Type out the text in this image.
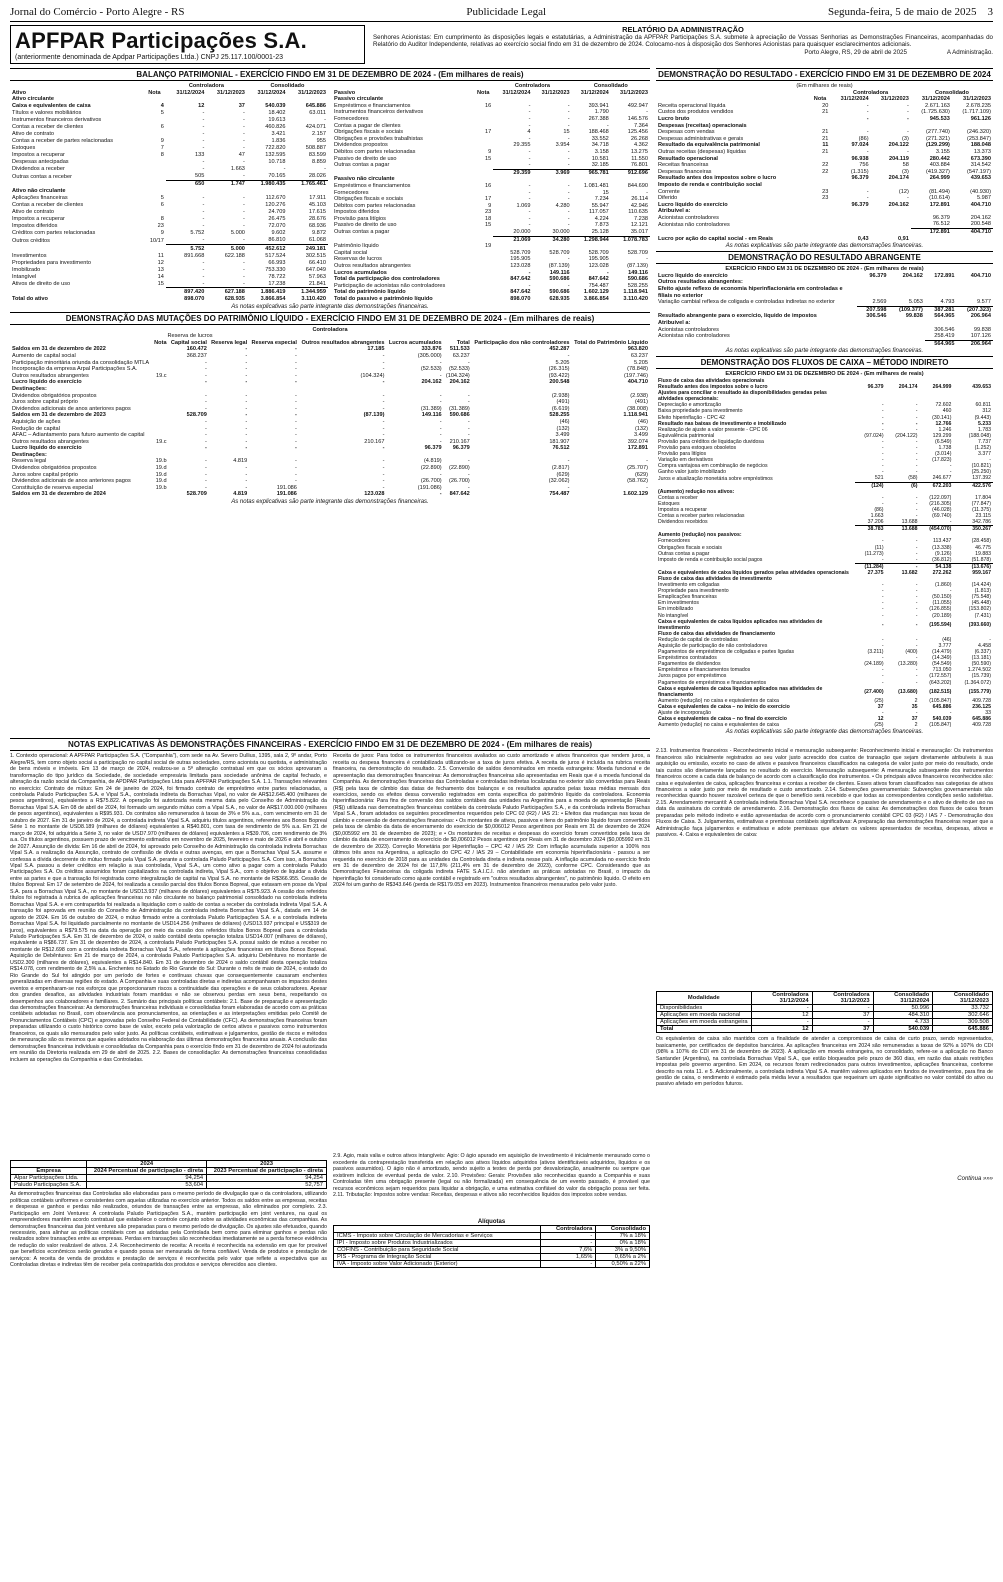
Jornal do Comércio - Porto Alegre - RS	Publicidade Legal	Segunda-feira, 5 de maio de 2025 3
APFPAR Participações S.A.
(anteriormente denominada de Apdpar Participações Ltda.) CNPJ 25.117.100/0001-23
RELATÓRIO DA ADMINISTRAÇÃO
Senhores Acionistas: Em cumprimento às disposições legais e estatutárias, a Administração da APFPAR Participações S.A. submete à apreciação de Vossas Senhorias as Demonstrações Financeiras, acompanhadas do Relatório do Auditor Independente, relativas ao exercício social findo em 31 de dezembro de 2024. Colocamo-nos à disposição dos Senhores Acionistas para quaisquer esclarecimentos adicionais.
Porto Alegre, RS, 29 de abril de 2025	A Administração.
BALANÇO PATRIMONIAL - EXERCÍCIO FINDO EM 31 DE DEZEMBRO DE 2024 - (Em milhares de reais)
		Controladora		Consolidado	
Ativo	Nota	31/12/2024	31/12/2023	31/12/2024	31/12/2023
Ativo circulante					
Caixa e equivalentes de caixa	4	12	37	540.039	645.886
Títulos e valores mobiliários	5	-	-	18.402	63.011
Instrumentos financeiros derivativos		-	-	19.613	-
Contas a receber de clientes	6	-	-	460.826	424.071
Ativo de contrato		-	-	3.421	2.157
Contas a receber de partes relacionadas	9	-	-	1.836	955
Estoques	7	-	-	722.820	508.887
Impostos a recuperar	8	133	47	132.595	83.599
Despesas antecipadas		-	-	10.718	8.859
Dividendos a receber		-	1.663	-	-
Outras contas a receber		505	-	70.165	28.026
		650	1.747	1.980.435	1.765.461
Ativo não circulante					
Aplicações financeiras	5	-	-	112.670	17.911
Contas a receber de clientes	6	-	-	120.276	45.103
Ativo de contrato		-	-	24.709	17.615
Impostos a recuperar	8	-	-	26.475	28.676
Impostos diferidos	23	-	-	72.070	68.936
Créditos com partes relacionadas	9	5.752	5.000	9.602	9.872
Outros créditos	10/17	-	-	86.810	61.068
		5.752	5.000	452.612	249.181
Investimentos	11	891.668	622.188	517.524	302.515
Propriedades para investimento	12	-	-	66.993	66.410
Imobilizado	13	-	-	753.330	647.049
Intangível	14	-	-	78.722	57.963
Ativos de direito de uso	15	-	-	17.238	21.841
		897.420	627.188	1.886.419	1.344.959
Total do ativo		898.070	628.935	3.866.854	3.110.420
		Controladora		Consolidado	
Passivo	Nota	31/12/2024	31/12/2023	31/12/2024	31/12/2023
Passivo circulante					
Empréstimos e financiamentos	16	-	-	393.941	492.947
Instrumentos financeiros derivativos		-	-	1.790	-
Fornecedores		-	-	267.388	146.576
Contas a pagar de clientes		-	-	-	7.364
Obrigações fiscais e sociais	17	4	15	188.468	125.456
Obrigações e provisões trabalhistas		-	-	33.552	26.268
Dividendos propostos		29.355	3.954	34.718	4.362
Débitos com partes relacionadas	9	-	-	3.158	13.275
Passivo de direito de uso	15	-	-	10.581	11.550
Outras contas a pagar		-	-	32.185	76.801
		29.359	3.969	965.781	912.696
Passivo não circulante					
Empréstimos e financiamentos	16	-	-	1.081.481	844.690
Fornecedores		-	-	15	-
Obrigações fiscais e sociais	17	-	-	7.234	26.114
Débitos com partes relacionadas	9	1.069	4.280	55.947	42.946
Impostos diferidos	23	-	-	117.057	110.635
Provisão para litígios	18	-	-	4.224	7.238
Passivo de direito de uso	15	-	-	7.873	12.121
Outras contas a pagar		20.000	30.000	25.128	35.017
		21.069	34.280	1.298.944	1.078.783
Patrimônio líquido	19				
Capital social		528.709	528.709	528.709	528.709
Reservas de lucros		195.905	-	195.905	-
Outros resultados abrangentes		123.028	(87.139)	123.028	(87.139)
Lucros acumulados		-	149.116	-	149.116
Total da participação dos controladores		847.642	590.686	847.642	590.686
Participação de acionistas não controladores		-	-	754.487	528.255
Total do patrimônio líquido		847.642	590.686	1.602.129	1.118.941
Total do passivo e patrimônio líquido		898.070	628.935	3.866.854	3.110.420
As notas explicativas são parte integrante das demonstrações financeiras.
DEMONSTRAÇÃO DAS MUTAÇÕES DO PATRIMÔNIO LÍQUIDO - EXERCÍCIO FINDO EM 31 DE DEZEMBRO DE 2024 - (Em milhares de reais)
Controladora
Reserva de lucros
	Nota	Capital social	Reserva legal	Reserva especial	Outros resultados abrangentes	Lucros acumulados	Total	Participação dos não controladores	Total do Patrimônio Líquido
Saldos em 31 de dezembro de 2022		160.472	-	-	17.185	333.876	511.533	452.287	963.820
Aumento de capital social		368.237	-	-	-	(305.000)	63.237	-	63.237
Participação minoritária oriunda da consolidação MTLA		-	-	-	-	-	-	5.205	5.205
Incorporação da empresa Arpal Participações S.A.		-	-	-	-	(52.533)	(52.533)	(26.315)	(78.848)
Outros resultados abrangentes	19.c	-	-	-	(104.324)	-	(104.324)	(93.422)	(197.746)
Lucro líquido do exercício		-	-	-	-	204.162	204.162	200.548	404.710
Destinações:									
Dividendos obrigatórios propostos		-	-	-	-	-	-	(2.938)	(2.938)
Juros sobre capital próprio		-	-	-	-	-	-	(491)	(491)
Dividendos adicionais de anos anteriores pagos		-	-	-	-	(31.389)	(31.389)	(6.619)	(38.008)
Saldos em 31 de dezembro de 2023		528.709	-	-	(87.139)	149.116	590.686	528.255	1.118.941
Aquisição de ações		-	-	-	-	-	-	(46)	(46)
Redução de capital		-	-	-	-	-	-	(132)	(132)
AFAC – Adiantamento para futuro aumento de capital		-	-	-	-	-	-	3.499	3.499
Outros resultados abrangentes	19.c	-	-	-	210.167	-	210.167	181.907	392.074
Lucro líquido do exercício		-	-	-	-	96.379	96.379	76.512	172.891
Destinações:									
Reserva legal	19.b	-	4.819	-	-	(4.819)	-	-	-
Dividendos obrigatórios propostos	19.d	-	-	-	-	(22.890)	(22.890)	(2.817)	(25.707)
Juros sobre capital próprio	19.d	-	-	-	-	-	-	(629)	(629)
Dividendos adicionais de anos anteriores pagos	19.d	-	-	-	-	(26.700)	(26.700)	(32.062)	(58.762)
Constituição de reserva especial	19.b	-	-	191.086	-	(191.086)	-	-	-
Saldos em 31 de dezembro de 2024		528.709	4.819	191.086	123.028	-	847.642	754.487	1.602.129
As notas explicativas são parte integrante das demonstrações financeiras.
DEMONSTRAÇÃO DO RESULTADO - EXERCÍCIO FINDO EM 31 DE DEZEMBRO DE 2024
(Em milhares de reais)
		Controladora		Consolidado	
	Nota	31/12/2024	31/12/2023	31/12/2024	31/12/2023
Receita operacional líquida	20	-	-	2.671.163	2.678.235
Custos dos produtos vendidos	21	-	-	(1.725.630)	(1.717.109)
Lucro bruto		-	-	945.533	961.126
Despesas (receitas) operacionais					
Despesas com vendas	21	-	-	(277.740)	(246.320)
Despesas administrativas e gerais	21	(86)	(3)	(271.321)	(253.847)
Resultado da equivalência patrimonial	11	97.024	204.122	(129.299)	188.048
Outras receitas (despesas) líquidas	21	-	-	3.155	13.373
Resultado operacional		96.938	204.119	280.442	673.390
Receitas financeiras	22	756	58	403.884	314.542
Despesas financeiras	22	(1.315)	(3)	(419.327)	(547.197)
Resultado antes dos impostos sobre o lucro		96.379	204.174	264.999	439.653
Imposto de renda e contribuição social					
Corrente	23	-	(12)	(81.494)	(40.930)
Diferido	23	-	-	(10.614)	5.987
Lucro líquido do exercício		96.379	204.162	172.891	404.710
Atribuível a:					
Acionistas controladores				96.379	204.162
Acionistas não controladores				76.512	200.548
				172.891	404.710
Lucro por ação do capital social - em Reais		0,43	0,91		
As notas explicativas são parte integrante das demonstrações financeiras.
DEMONSTRAÇÃO DO RESULTADO ABRANGENTE
EXERCÍCIO FINDO EM 31 DE DEZEMBRO DE 2024 - (Em milhares de reais)
Lucro líquido do exercício	96.379	204.162	172.891	404.710
Outros resultados abrangentes:				
Efeito ajuste reflexo de economia hiperinflacionária em controladas e filiais no exterior				
Variação cambial reflexa de coligada e controladas indiretas no exterior	2.569	5.053	4.793	9.577
	207.598	(109.377)	387.281	(207.323)
Resultado abrangente para o exercício, líquido de impostos	306.546	99.838	564.965	206.964
Atribuível a:				
Acionistas controladores			306.546	99.838
Acionistas não controladores			258.419	107.126
			564.965	206.964
As notas explicativas são parte integrante das demonstrações financeiras.
DEMONSTRAÇÃO DOS FLUXOS DE CAIXA – MÉTODO INDIRETO
EXERCÍCIO FINDO EM 31 DE DEZEMBRO DE 2024 - (Em milhares de reais)
Fluxo de caixa das atividades operacionais				
Resultado antes dos impostos sobre o lucro	96.379	204.174	264.999	439.653
Ajustes para conciliar o resultado às disponibilidades geradas pelas atividades operacionais:				
Depreciação e amortização	-	-	72.602	60.811
Baixa propriedade para investimento	-	-	460	312
Efeito hiperinflação - CPC 42	-	-	(30.141)	(9.443)
Resultado nas baixas de investimento e imobilizado	-	-	12.766	5.233
Realização de ajuste a valor presente - CPC 06	-	-	1.246	1.783
Equivalência patrimonial	(97.024)	(204.122)	129.299	(188.048)
Provisão para créditos de liquidação duvidosa	-	-	(6.549)	7.737
Provisão para estoques obsoletos	-	-	1.738	(1.252)
Provisão para litígios	-	-	(3.014)	3.377
Variação em derivativos	-	-	(17.823)	-
Compra vantajosa em combinação de negócios	-	-	-	(10.821)
Ganho valor justo imobilizado	-	-	-	(25.250)
Juros e atualização monetária sobre empréstimos	521	(58)	246.677	137.392
	(124)	(6)	672.203	422.576
(Aumento) redução nos ativos:				
Contas a receber	-	-	(122.097)	17.804
Estoques	-	-	(216.305)	(77.847)
Impostos a recuperar	(86)	-	(46.028)	(11.375)
Contas a receber partes relacionadas	1.663	-	(69.740)	23.115
Dividendos recebidos	37.206	13.688	-	342.786
	38.783	13.688	(454.070)	350.267
Aumento (redução) nos passivos:				
Fornecedores	-	-	113.437	(28.458)
Obrigações fiscais e sociais	(11)	-	(13.338)	46.775
Outras contas a pagar	(11.273)	-	(9.126)	19.883
Imposto de renda e contribuição social pagos	-	-	(36.812)	(51.878)
	(11.284)	-	54.138	(13.676)
Caixa e equivalentes de caixa líquidos gerados pelas atividades operacionais	27.375	13.682	272.262	959.167
Fluxo de caixa das atividades de investimento				
Investimento em coligadas	-	-	(1.860)	(14.424)
Propriedade para investimento	-	-	-	(1.813)
Emaplicações financeiras	-	-	(50.150)	(75.548)
Em investimentos	-	-	(11.055)	(45.448)
Em imobilizado	-	-	(126.855)	(153.802)
No intangível	-	-	(20.189)	(7.431)
Caixa e equivalentes de caixa líquidos aplicados nas atividades de investimento	-	-	(195.594)	(393.660)
Fluxo de caixa das atividades de financiamento				
Redução de capital de controladas	-	-	(46)	-
Aquisição de participação de não controladores	-	-	3.777	4.458
Pagamentos de empréstimos de coligadas e partes ligadas	(3.211)	(400)	(14.479)	(6.337)
Empréstimos contratados	-	-	(14.349)	(13.181)
Pagamentos de dividendos	(24.189)	(13.280)	(54.549)	(50.590)
Empréstimos e financiamentos tomados	-	-	713.050	1.274.502
Juros pagos por empréstimos	-	-	(172.557)	(15.739)
Pagamentos de empréstimos e financiamentos	-	-	(643.202)	(1.364.072)
Caixa e equivalentes de caixa líquidos aplicados nas atividades de financiamento	(27.400)	(13.680)	(182.515)	(155.779)
Aumento (redução) no caixa e equivalentes de caixa	(25)	2	(105.847)	409.728
Caixa e equivalentes de caixa – no início do exercício	37	35	645.886	236.125
Ajuste de incorporação	-	-	-	33
Caixa e equivalentes de caixa – no final do exercício	12	37	540.039	645.886
Aumento (redução) no caixa e equivalentes de caixa	(25)	2	(105.847)	409.728
As notas explicativas são parte integrante das demonstrações financeiras.
NOTAS EXPLICATIVAS ÀS DEMONSTRAÇÕES FINANCEIRAS - EXERCÍCIO FINDO EM 31 DE DEZEMBRO DE 2024 - (Em milhares de reais)
1. Contexto operacional: A APFPAR Participações S.A. ("Companhia"), com sede na Av. Severo Dullius, 1395, sala 2, 9º andar, Porto Alegre/RS, tem como objeto social a participação no capital social de outras sociedades, como acionista ou quotista, e administração de bens móveis e imóveis. Em 13 de março de 2024, realizou-se a 5ª alteração contratual em que os sócios aprovaram a transformação do tipo jurídico da Sociedade, de sociedade empresária limitada para sociedade anônima de capital fechado, e alteração da razão social da Companhia, de APDPAR Participações Ltda para APFPAR Participações S.A. 1.1. Transações relevantes no exercício: Contrato de mútuo: Em 24 de janeiro de 2024, foi firmado contrato de empréstimo entre partes relacionadas, a controlada Paludo Participações S.A. e Vipal S.A., controlada indireta da Borrachas Vipal, no valor de AR$12.645.400 (milhares de pesos argentinos), equivalentes a R$75.822. A operação foi autorizada nesta mesma data pelo Conselho de Administração da Borrachas Vipal S.A. Em 08 de abril de 2024, foi formado um segundo mútuo com a Vipal S.A., no valor de AR$17.000.000 (milhares de pesos argentinos), equivalentes a R$95.931. Os contratos são remunerados à taxas de 3% e 5% a.a., com vencimento em 31 de outubro de 2027. Em 31 de janeiro de 2024, a controlada indireta Vipal S.A. adquiriu títulos argentinos, referentes aos Bonos Bopreal Série 1 no montante de USD8.189 (milhares de dólares) equivalentes a R$40.801, com taxa de rendimento de 5% a.a. Em 21 de março de 2024, foi adquirida a Série 3, no valor de USD7.970 (milhares de dólares) equivalentes a R$39.706, com rendimento de 3% a.a. Os títulos argentinos, possuem prazo de vencimento estimados em novembro de 2025, fevereiro e maio de 2026 e abril e outubro de 2027. Assunção de dívida: Em 16 de abril de 2024, foi aprovado pelo Conselho de Administração da controlada indireta Borrachas Vipal S.A. a realização da Assunção, contrato de confissão de dívida e outras avenças, em que a Borrachas Vipal S.A. assume e confessa a dívida decorrente do mútuo firmado pela Vipal S.A. perante a controlada Paludo Participações S.A. Com isso, a Borrachas Vipal S.A. passou a deter créditos em relação a sua controlada, Vipal S.A., um como ativo a pagar com a controlada Paludo Participações S.A. Os créditos assumidos foram capitalizados na controlada indireta, Vipal S.A., com o objetivo de liquidar a dívida entre as partes e que a transação foi registrada como integralização de capital na Vipal S.A. no montante de R$366.955. Cessão de títulos Bopreal: Em 17 de setembro de 2024, foi realizada a cessão parcial dos títulos Bonos Bopreal, que estavam em posse da Vipal S.A. para a Borrachas Vipal S.A., no montante de USD13.937 (milhares de dólares) equivalentes a R$75.923. A cessão dos referidos títulos foi registrada à rubrica de aplicações financeiras no não circulante no balanço patrimonial consolidado na controlada indireta Borrachas Vipal S.A. e em contrapartida foi realizada a liquidação com o saldo de contas a receber da controlada indireta Vipal S.A. A transação foi aprovada em reunião do Conselho de Administração da controlada indireta Borrachas Vipal S.A., datada em 14 de agosto de 2024. Em 16 de outubro de 2024, o mútuo firmado entre a controlada Paludo Participações S.A. e a controlada indireta Borrachas Vipal S.A. foi liquidado parcialmente no montante de USD14.256 (milhares de dólares) (USD13.937 principal e US$319 de juros), equivalentes a R$79.575 na data da operação por meio da cessão dos referidos títulos Bonos Bopreal para a controlada Paludo Participações S.A. Em 31 de dezembro de 2024, o saldo contábil desta operação totaliza USD14.007 (milhares de dólares), equivalente a R$86.737. Em 31 de dezembro de 2024, a controlada Paludo Participações S.A. possui saldo de mútuo a receber no montante de R$12.698 com a controlada indireta Borrachas Vipal S.A., referente à aplicações financeiras em títulos Bonos Bopreal. Aquisição de Debêntures: Em 21 de março de 2024, a controlada Paludo Participações S.A. adquiriu Debêntures no montante de USD2.300 (milhares de dólares), equivalentes a R$14.840. Em 31 de dezembro de 2024 o saldo contábil desta operação totaliza R$14.078, com rendimento de 2,5% a.a. Enchentes no Estado do Rio Grande do Sul: Durante o mês de maio de 2024, o estado do Rio Grande do Sul foi atingido por um período de fortes e contínuas chuvas que consequentemente causaram enchentes generalizadas em diversas regiões do estado. A Companhia e suas controladas diretas e indiretas acompanharam os impactos destes eventos e empenharam-se nos esforços que proporcionaram riscos a continuidade das operações e de seus colaboradores. Apesar dos grandes desafios, as atividades industriais foram mantidas e não se observou perdas em seus bens, respeitando os desempenhos aos colaboradores e familiares. 2. Sumário das principais políticas contábeis: 2.1. Base de preparação e apresentação das demonstrações financeiras: As demonstrações financeiras individuais e consolidadas foram elaboradas de acordo com as práticas contábeis adotadas no Brasil, com observância aos pronunciamentos, as orientações e as interpretações emitidas pelo Comitê de Pronunciamentos Contábeis (CPC) e aprovadas pelo Conselho Federal de Contabilidade (CFC). As demonstrações financeiras foram preparadas utilizando o custo histórico como base de valor, exceto pela valorização de certos ativos e passivos como instrumentos financeiros, os quais são mensurados pelo valor justo. As políticas contábeis, estimativas e julgamentos, gestão de riscos e métodos de mensuração são os mesmos que aqueles adotados na elaboração das últimas demonstrações financeiras anuais. A conclusão das demonstrações financeiras individuais e consolidadas da Companhia para o exercício findo em 31 de dezembro de 2024 foi autorizada em reunião da Diretoria realizada em 29 de abril de 2025. 2.2. Bases de consolidação: As demonstrações financeiras consolidadas incluem as operações da Companhia e das Controladas.
	2024	2023
Empresa	2024 Percentual de participação - direta	2023 Percentual de participação - direta
Alpar Participações Ltda.	94,254	94,254
Paludo Participações S.A.	53,604	52,757
As demonstrações financeiras das Controladas são elaboradas para o mesmo período de divulgação que o da controladora, utilizando políticas contábeis uniformes e consistentes com aquelas utilizadas no exercício anterior. Todos os saldos entre as empresas, receitas e despesas e ganhos e perdas não realizados, oriundos de transações entre as empresas, são eliminados por completo. 2.3. Participação em Joint Ventures: A controlada Paludo Participações S.A., mantém participação em joint ventures, na qual os empreendedores mantêm acordo contratual que estabelece o controle conjunto sobre as atividades econômicas das companhias. As demonstrações financeiras das joint ventures são preparadas para o mesmo período de divulgação. Os ajustes são efetuados, quando necessário, para alinhar as políticas contábeis com as adotadas pela Controlada bem como para eliminar ganhos e perdas não realizados sobre transações entre as empresas. Perdas em transações são reconhecidas imediatamente se a perda fornece evidência de redução do valor realizável de ativos. 2.4. Reconhecimento de receita: A receita é reconhecida na extensão em que for provável que benefícios econômicos serão gerados e quando possa ser mensurada de forma confiável. Venda de produtos e prestação de serviços: A receita de venda de produtos e prestação de serviços é reconhecida pelo valor que reflete a expectativa que as Controladas diretas e indiretas têm de receber pela contrapartida dos produtos e serviços oferecidos aos clientes.
Receita de juros: Para todos os instrumentos financeiros avaliados ao custo amortizado e ativos financeiros que rendem juros, a receita ou despesa financeira é contabilizada utilizando-se a taxa de juros efetiva. A receita de juros é incluída na rubrica receita financeira, na demonstração do resultado. 2.5. Conversão de saldos denominados em moeda estrangeira: Moeda funcional e de apresentação das demonstrações financeiras: As demonstrações financeiras são apresentadas em Reais que é a moeda funcional da Companhia. As demonstrações financeiras das Controladas e controladas indiretas localizadas no exterior são convertidas para Reais (R$) pela taxa de câmbio das datas de fechamento dos balanços e os resultados apurados pelas taxas médias mensais dos exercícios, sendo os efeitos dessa conversão registrados em conta específica do patrimônio líquido da controladora. Economia hiperinflacionária: Para fins de conversão dos saldos contábeis das unidades na Argentina para a moeda de apresentação (Reais (R$)) utilizada nas demonstrações financeiras contábeis da controlada Paludo Participações S.A., e da controlada indireta Borrachas Vipal S.A., foram adotados os seguintes procedimentos requeridos pelo CPC 02 (R2) / IAS 21: • Efeitos das mudanças nas taxas de câmbio e conversão de demonstrações financeiras: • Os montantes de ativos, passivos e itens do patrimônio líquido foram convertidos pela taxa de câmbio da data de encerramento do exercício de $0,006012 Pesos argentinos por Reais em 31 de dezembro de 2024 ($0,005992 em 31 de dezembro de 2023); e • Os montantes de receitas e despesas do exercício foram convertidos pela taxa de câmbio da data de encerramento do exercício de $0,006012 Pesos argentinos por Reais em 31 de dezembro 2024 ($0,005992 em 31 de dezembro de 2023). Correção Monetária por Hiperinflação – CPC 42 / IAS 29: Com inflação acumulada superior a 100% nos últimos três anos na Argentina, a aplicação do CPC 42 / IAS 29 – Contabilidade em economia hiperinflacionária - passou a ser requerida no exercício de 2018 para as unidades da Controlada direta e indireta nesse país. A inflação acumulada no exercício findo em 31 de dezembro de 2024 foi de 117,8% (211,4% em 31 de dezembro de 2023), conforme CPC. Considerando que as Demonstrações Financeiras da coligada indireta FATE S.A.I.C.I. não atendam as práticas adotadas no Brasil, o impacto da hiperinflação foi considerado como ajuste contábil e registrado em "outros resultados abrangentes", no patrimônio líquido. O efeito em 2024 foi um ganho de R$343.646 (perda de R$179.053 em 2023). Instrumentos financeiros mensurados pelo valor justo.
2.9. Ágio, mais valia e outros ativos intangíveis: Ágio: O ágio apurado em aquisição de investimento é inicialmente mensurado como o excedente da contraprestação transferida em relação aos ativos líquidos adquiridos (ativos identificáveis adquiridos, líquidos e os passivos assumidos). O ágio não é amortizado, sendo sujeito a testes de perda por desvalorização, anualmente ou sempre que existirem indícios de eventual perda de valor. 2.10. Provisões: Gerais: Provisões são reconhecidas quando a Companhia e suas Controladas têm uma obrigação presente (legal ou não formalizada) em consequência de um evento passado, é provável que recursos econômicos sejam requeridos para liquidar a obrigação, e uma estimativa confiável do valor da obrigação possa ser feita. 2.11. Tributação: Impostos sobre vendas: Receitas, despesas e ativos são reconhecidos líquidos dos impostos sobre vendas.
Alíquotas
	Controladora	Consolidado
ICMS - Imposto sobre Circulação de Mercadorias e Serviços	-	7% a 18%
IPI - Imposto sobre Produtos Industrializados	-	0% a 18%
COFINS - Contribuição para Seguridade Social	7,6%	3% a 9,50%
PIS - Programa de Integração Social	1,65%	0,65% a 2%
IVA - Imposto sobre Valor Adicionado (Exterior)	-	0,50% a 22%
2.13. Instrumentos financeiros - Reconhecimento inicial e mensuração subsequente: Reconhecimento inicial e mensuração: Os instrumentos financeiros são inicialmente registrados ao seu valor justo acrescido dos custos de transação que sejam diretamente atribuíveis à sua aquisição ou emissão, exceto no caso de ativos e passivos financeiros classificados na categoria de valor justo por meio do resultado, onde tais custos são diretamente lançados no resultado do exercício. Mensuração subsequente: A mensuração subsequente dos instrumentos financeiros ocorre a cada data de balanço de acordo com a classificação dos instrumentos. • Os principais ativos financeiros reconhecidos são: caixa e equivalentes de caixa, aplicações financeiras e contas a receber de clientes. Esses ativos foram classificados nas categorias de ativos financeiros a valor justo por meio de resultado e custo amortizado. 2.14. Subvenções governamentais: Subvenções governamentais são reconhecidas quando houver razoável certeza de que o benefício será recebido e que todas as correspondentes condições serão satisfeitas. 2.15. Arrendamento mercantil: A controlada indireta Borrachas Vipal S.A. reconhece o passivo de arrendamento e o ativo de direito de uso na data da assinatura do contrato de arrendamento. 2.16. Demonstração dos fluxos de caixa: As demonstrações dos fluxos de caixa foram preparadas pelo método indireto e estão apresentadas de acordo com o pronunciamento contábil CPC 03 (R2) / IAS 7 - Demonstração dos Fluxos de Caixa. 3. Julgamentos, estimativas e premissas contábeis significativas: A preparação das demonstrações financeiras requer que a Administração faça julgamentos e estimativas e adote premissas que afetam os valores apresentados de receitas, despesas, ativos e passivos. 4. Caixa e equivalentes de caixa:
Modalidade	Controladora 31/12/2024	Controladora 31/12/2023	Consolidado 31/12/2024	Consolidado 31/12/2023
Disponibilidades	-	-	50.996	33.732
Aplicações em moeda nacional	12	37	484.310	302.646
Aplicações em moeda estrangeira	-	-	4.733	309.508
Total	12	37	540.039	645.886
Os equivalentes de caixa são mantidos com a finalidade de atender a compromissos de caixa de curto prazo, sendo representados, basicamente, por certificados de depósitos bancários. As aplicações financeiras em 2024 são remuneradas a taxas de 92% a 107% do CDI (98% a 107% do CDI em 31 de dezembro de 2023). A aplicação em moeda estrangeira, no consolidado, refere-se a aplicação no Banco Santander (Argentina), na controlada Borrachas Vipal S.A., que estão bloqueados pelo prazo de 360 dias, em razão das atuais restrições impostas pelo governo argentino. Em 2024, os recursos foram redirecionados para outros investimentos, aplicações financeiras, conforme descrito na nota 11. e 5. Adicionalmente, a controlada indireta Vipal S.A. mantêm valores aplicados em fundos de investimentos, para fins de gestão de caixa, o rendimento é estimado pela média levar a resultados que requeiram um ajuste significativo no valor contábil do ativo ou passivo afetado em períodos futuros.
Continua »»»
